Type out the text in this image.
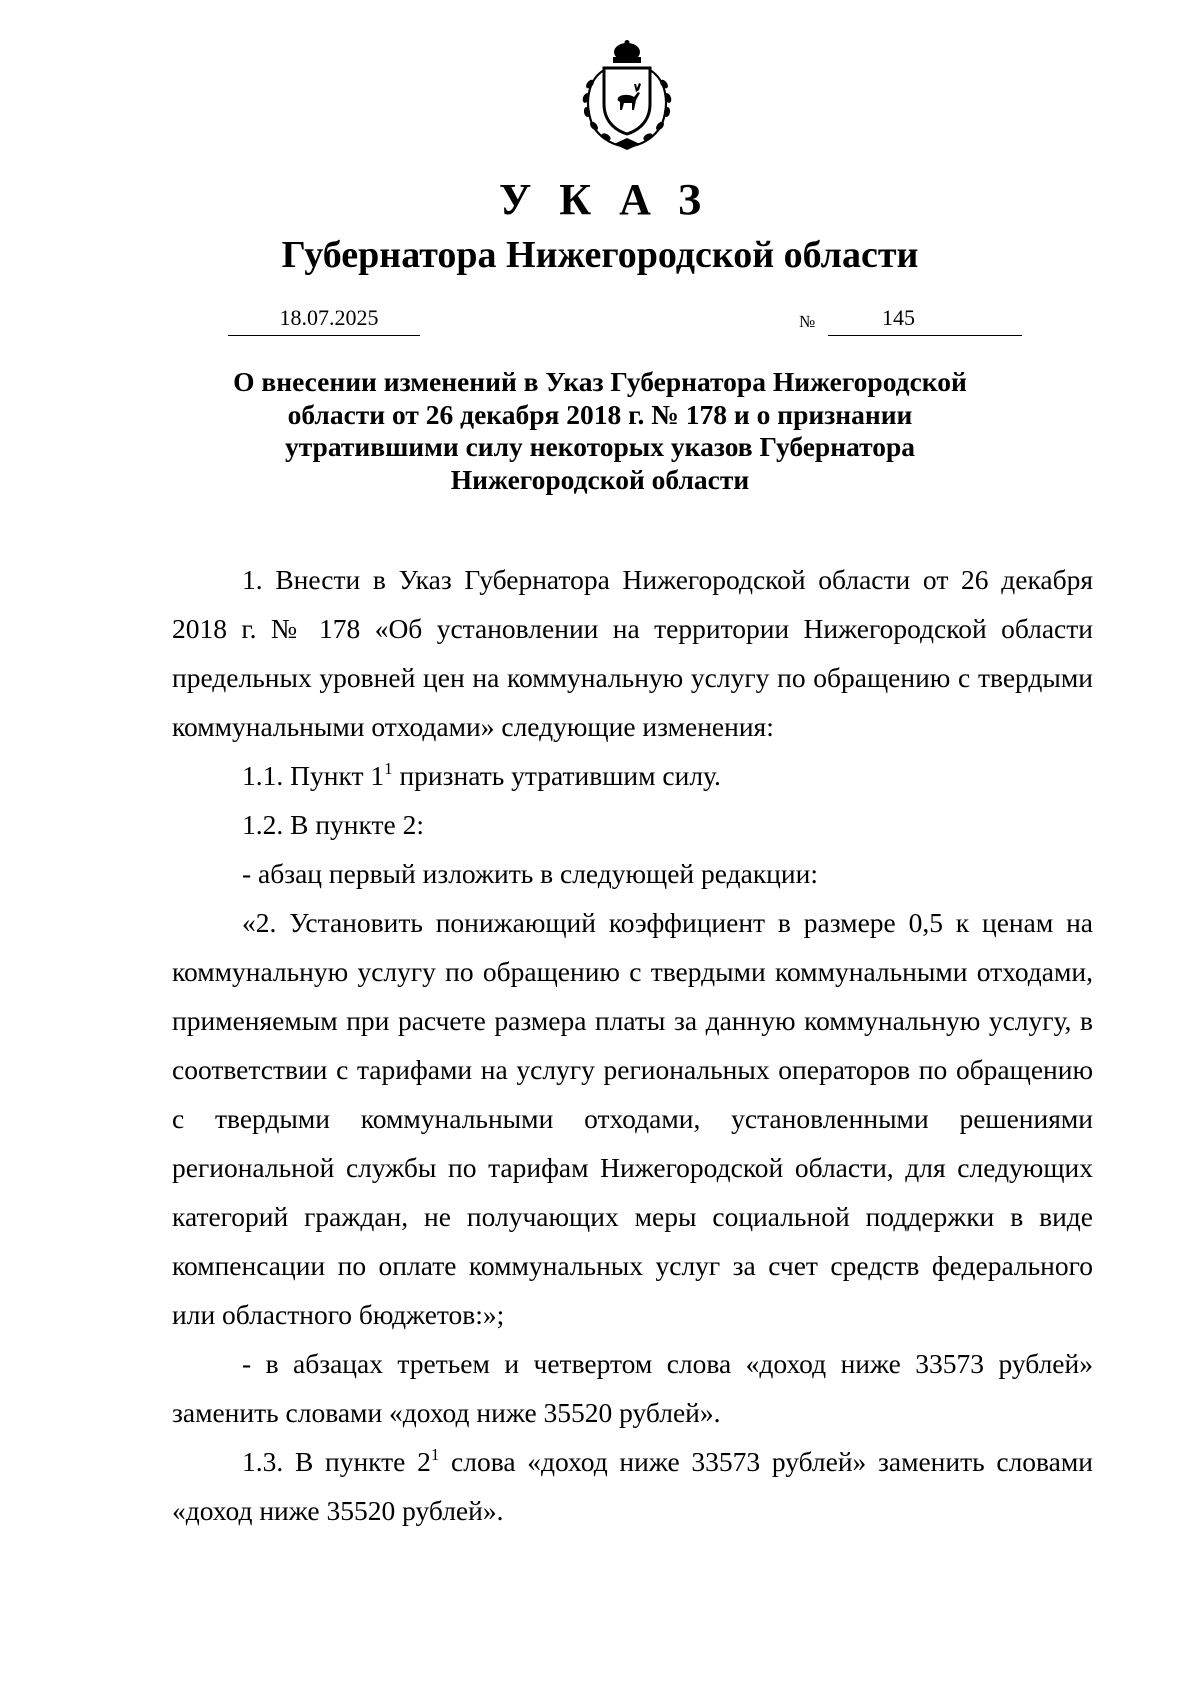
УКАЗ
Губернатора Нижегородской области
18.07.2025	№	145
О внесении изменений в Указ Губернатора Нижегородской
области от 26 декабря 2018 г. № 178 и о признании
утратившими силу некоторых указов Губернатора
Нижегородской области

1. Внести в Указ Губернатора Нижегородской области от 26 декабря 2018 г. № 178 «Об установлении на территории Нижегородской области предельных уровней цен на коммунальную услугу по обращению с твердыми коммунальными отходами» следующие изменения:

1.1. Пункт $1^1$ признать утратившим силу.

1.2. В пункте 2:

- абзац первый изложить в следующей редакции:

«2. Установить понижающий коэффициент в размере 0,5 к ценам на коммунальную услугу по обращению с твердыми коммунальными отходами, применяемым при расчете размера платы за данную коммунальную услугу, в соответствии с тарифами на услугу региональных операторов по обращению с твердыми коммунальными отходами, установленными решениями региональной службы по тарифам Нижегородской области, для следующих категорий граждан, не получающих меры социальной поддержки в виде компенсации по оплате коммунальных услуг за счет средств федерального или областного бюджетов:»;

- в абзацах третьем и четвертом слова «доход ниже 33573 рублей» заменить словами «доход ниже 35520 рублей».

1.3. В пункте $2^1$ слова «доход ниже 33573 рублей» заменить словами «доход ниже 35520 рублей».
